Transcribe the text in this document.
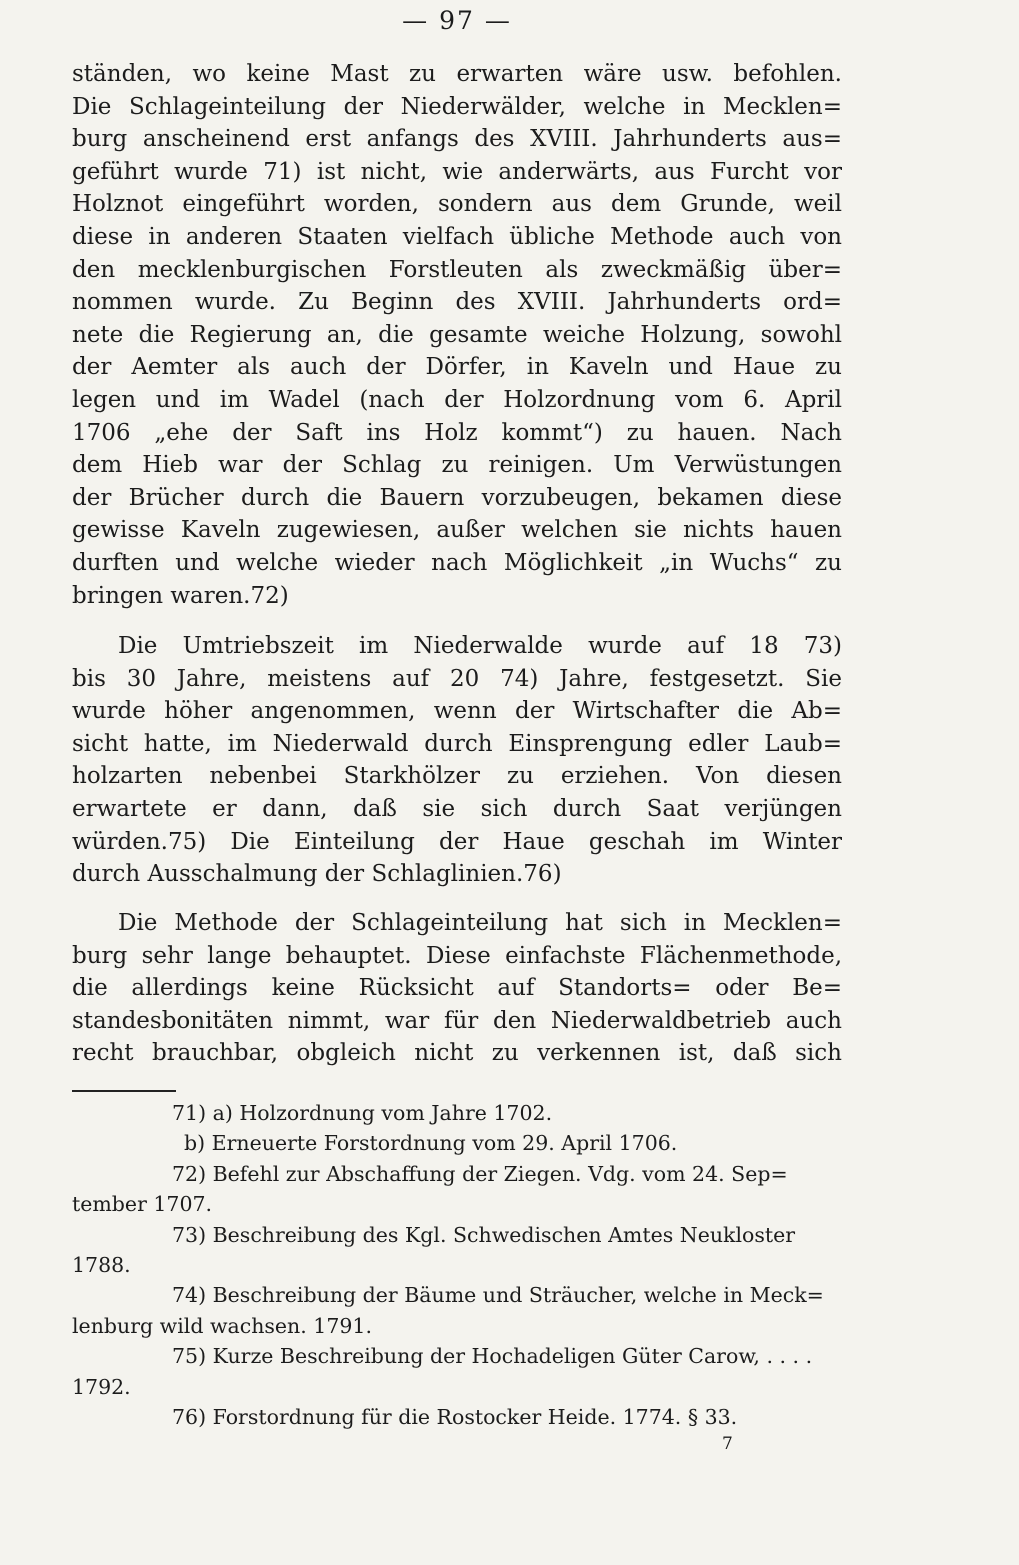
— 97 —
ständen, wo keine Mast zu erwarten wäre usw. befohlen.
Die Schlageinteilung der Niederwälder, welche in Mecklen=
burg anscheinend erst anfangs des XVIII. Jahrhunderts aus=
geführt wurde 71) ist nicht, wie anderwärts, aus Furcht vor
Holznot eingeführt worden, sondern aus dem Grunde, weil
diese in anderen Staaten vielfach übliche Methode auch von
den mecklenburgischen Forstleuten als zweckmäßig über=
nommen wurde. Zu Beginn des XVIII. Jahrhunderts ord=
nete die Regierung an, die gesamte weiche Holzung, sowohl
der Aemter als auch der Dörfer, in Kaveln und Haue zu
legen und im Wadel (nach der Holzordnung vom 6. April
1706 „ehe der Saft ins Holz kommt“) zu hauen. Nach
dem Hieb war der Schlag zu reinigen. Um Verwüstungen
der Brücher durch die Bauern vorzubeugen, bekamen diese
gewisse Kaveln zugewiesen, außer welchen sie nichts hauen
durften und welche wieder nach Möglichkeit „in Wuchs“ zu
bringen waren.72)
Die Umtriebszeit im Niederwalde wurde auf 18 73)
bis 30 Jahre, meistens auf 20 74) Jahre, festgesetzt. Sie
wurde höher angenommen, wenn der Wirtschafter die Ab=
sicht hatte, im Niederwald durch Einsprengung edler Laub=
holzarten nebenbei Starkhölzer zu erziehen. Von diesen
erwartete er dann, daß sie sich durch Saat verjüngen
würden.75) Die Einteilung der Haue geschah im Winter
durch Ausschalmung der Schlaglinien.76)
Die Methode der Schlageinteilung hat sich in Mecklen=
burg sehr lange behauptet. Diese einfachste Flächenmethode,
die allerdings keine Rücksicht auf Standorts= oder Be=
standesbonitäten nimmt, war für den Niederwaldbetrieb auch
recht brauchbar, obgleich nicht zu verkennen ist, daß sich
71) a) Holzordnung vom Jahre 1702.
b) Erneuerte Forstordnung vom 29. April 1706.
72) Befehl zur Abschaffung der Ziegen. Vdg. vom 24. Sep=
tember 1707.
73) Beschreibung des Kgl. Schwedischen Amtes Neukloster
1788.
74) Beschreibung der Bäume und Sträucher, welche in Meck=
lenburg wild wachsen. 1791.
75) Kurze Beschreibung der Hochadeligen Güter Carow, . . . .
1792.
76) Forstordnung für die Rostocker Heide. 1774. § 33.
7
